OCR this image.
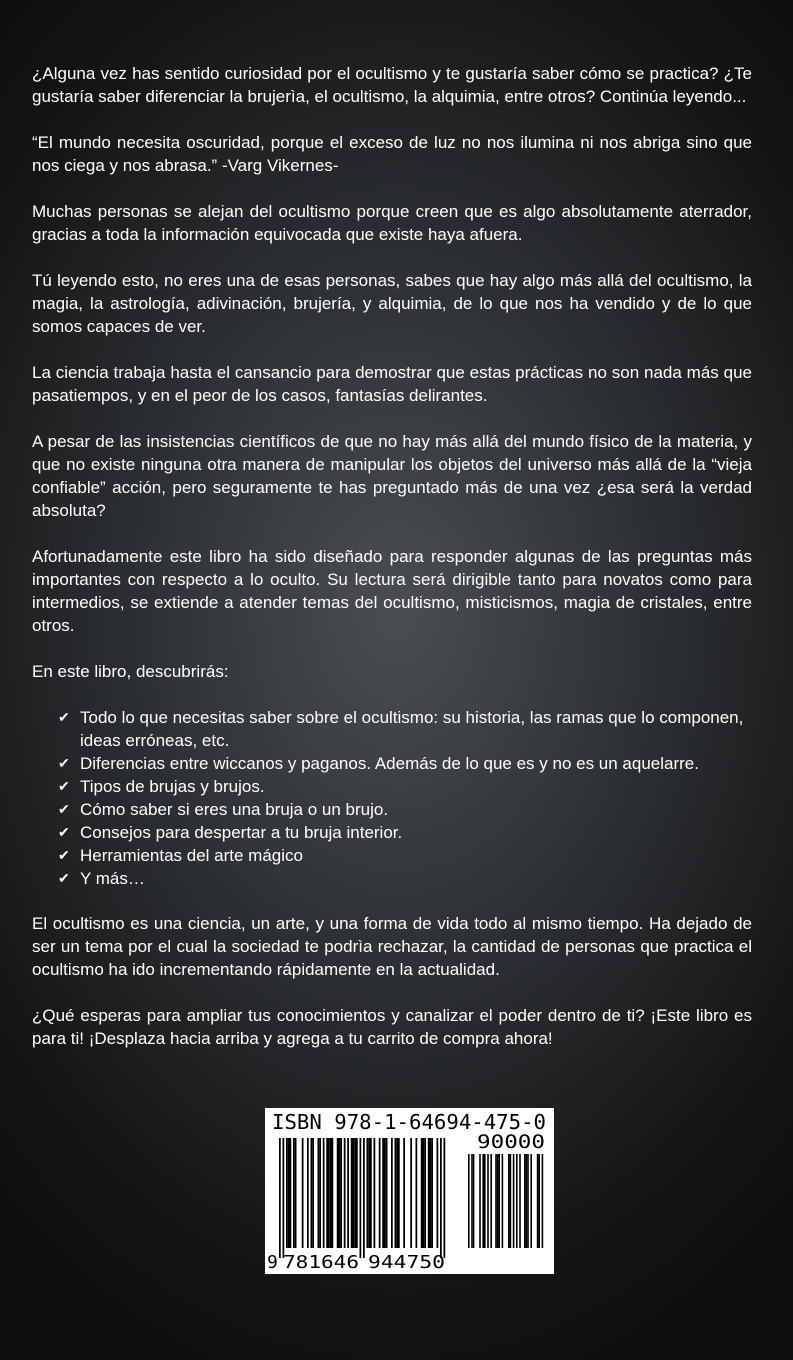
¿Alguna vez has sentido curiosidad por el ocultismo y te gustaría saber cómo se practica? ¿Te gustaría saber diferenciar la brujerìa, el ocultismo, la alquimia, entre otros? Continúa leyendo...

“El mundo necesita oscuridad, porque el exceso de luz no nos ilumina ni nos abriga sino que nos ciega y nos abrasa.” -Varg Vikernes-

Muchas personas se alejan del ocultismo porque creen que es algo absolutamente aterrador, gracias a toda la información equivocada que existe haya afuera.

Tú leyendo esto, no eres una de esas personas, sabes que hay algo más allá del ocultismo, la magia, la astrología, adivinación, brujería, y alquimia, de lo que nos ha vendido y de lo que somos capaces de ver.

La ciencia trabaja hasta el cansancio para demostrar que estas prácticas no son nada más que pasatiempos, y en el peor de los casos, fantasías delirantes.

A pesar de las insistencias científicos de que no hay más allá del mundo físico de la materia, y que no existe ninguna otra manera de manipular los objetos del universo más allá de la “vieja confiable” acción, pero seguramente te has preguntado más de una vez ¿esa será la verdad absoluta?

Afortunadamente este libro ha sido diseñado para responder algunas de las preguntas más importantes con respecto a lo oculto. Su lectura será dirigible tanto para novatos como para intermedios, se extiende a atender temas del ocultismo, misticismos, magia de cristales, entre otros.

En este libro, descubrirás:

✔ Todo lo que necesitas saber sobre el ocultismo: su historia, las ramas que lo componen, ideas erróneas, etc.
✔ Diferencias entre wiccanos y paganos. Además de lo que es y no es un aquelarre.
✔ Tipos de brujas y brujos.
✔ Cómo saber si eres una bruja o un brujo.
✔ Consejos para despertar a tu bruja interior.
✔ Herramientas del arte mágico
✔ Y más…

El ocultismo es una ciencia, un arte, y una forma de vida todo al mismo tiempo. Ha dejado de ser un tema por el cual la sociedad te podrìa rechazar, la cantidad de personas que practica el ocultismo ha ido incrementando rápidamente en la actualidad.

¿Qué esperas para ampliar tus conocimientos y canalizar el poder dentro de ti? ¡Este libro es para ti! ¡Desplaza hacia arriba y agrega a tu carrito de compra ahora!

ISBN 978-1-64694-475-0
90000
9 781646 944750
